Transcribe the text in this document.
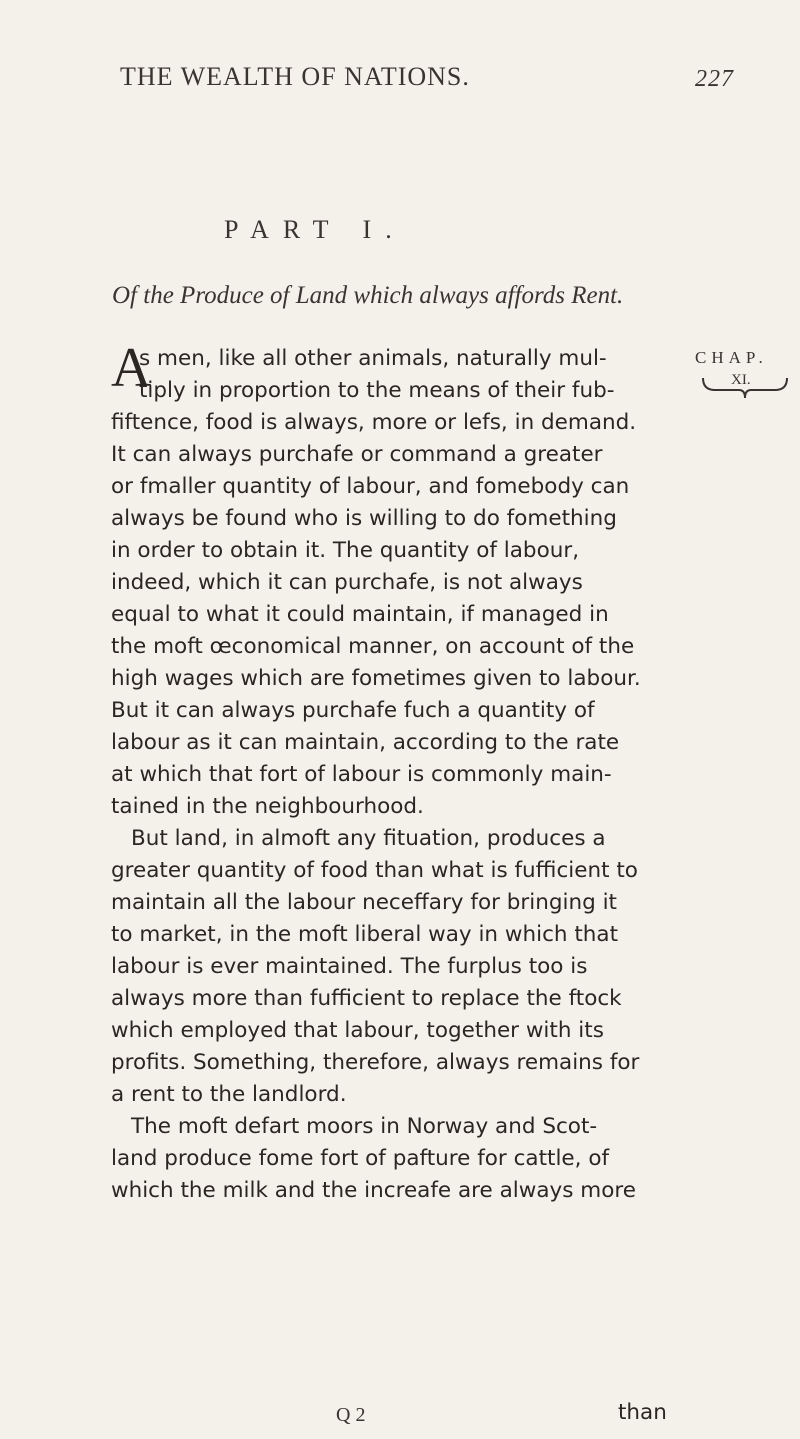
THE WEALTH OF NATIONS.	227
PART I.
Of the Produce of Land which always affords Rent.
CHAP.
XI.
A
s men, like all other animals, naturally mul-
tiply in proportion to the means of their fub-
fiftence, food is always, more or lefs, in demand.
It can always purchafe or command a greater
or fmaller quantity of labour, and fomebody can
always be found who is willing to do fomething
in order to obtain it. The quantity of labour,
indeed, which it can purchafe, is not always
equal to what it could maintain, if managed in
the moft œconomical manner, on account of the
high wages which are fometimes given to labour.
But it can always purchafe fuch a quantity of
labour as it can maintain, according to the rate
at which that fort of labour is commonly main-
tained in the neighbourhood.
But land, in almoft any fituation, produces a
greater quantity of food than what is fufficient to
maintain all the labour neceffary for bringing it
to market, in the moft liberal way in which that
labour is ever maintained. The furplus too is
always more than fufficient to replace the ftock
which employed that labour, together with its
profits. Something, therefore, always remains for
a rent to the landlord.
The moft defart moors in Norway and Scot-
land produce fome fort of pafture for cattle, of
which the milk and the increafe are always more
Q 2	than
